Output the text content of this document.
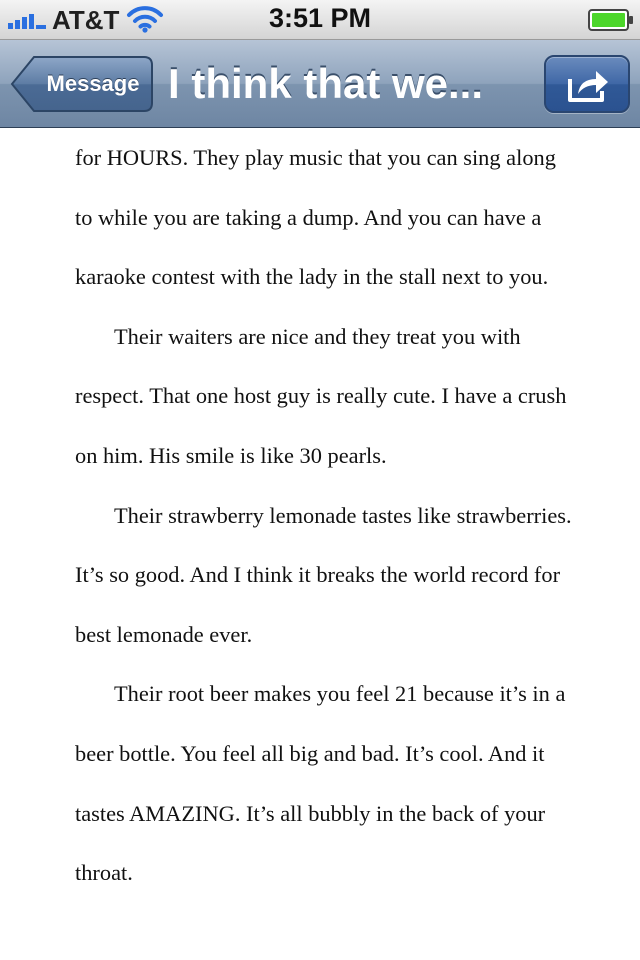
AT&T	3:51 PM
Message I think that we...

for HOURS. They play music that you can sing along to while you are taking a dump. And you can have a karaoke contest with the lady in the stall next to you.

Their waiters are nice and they treat you with respect. That one host guy is really cute. I have a crush on him. His smile is like 30 pearls.

Their strawberry lemonade tastes like strawberries. It’s so good. And I think it breaks the world record for best lemonade ever.

Their root beer makes you feel 21 because it’s in a beer bottle. You feel all big and bad. It’s cool. And it tastes AMAZING. It’s all bubbly in the back of your throat.
